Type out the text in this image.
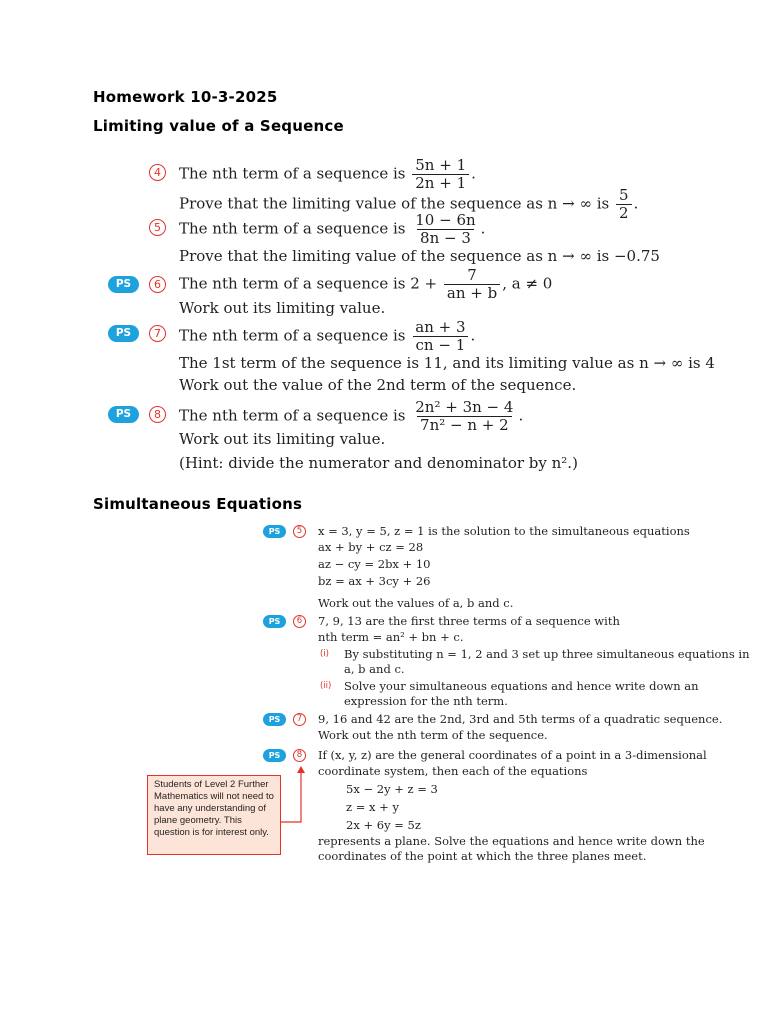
Homework 10-3-2025
Limiting value of a Sequence
Simultaneous Equations
4	The nth term of a sequence is $\frac{5n + 1}{2n + 1}$ .
Prove that the limiting value of the sequence as n → ∞ is $\frac{5}{2}$ .
5	The nth term of a sequence is $\frac{10 - 6n}{8n - 3}$ .
Prove that the limiting value of the sequence as n → ∞ is −0.75
PS	6	The nth term of a sequence is $2 + \frac{7}{an + b}$ , a ≠ 0
Work out its limiting value.
PS	7	The nth term of a sequence is $\frac{an + 3}{cn - 1}$ .
The 1st term of the sequence is 11, and its limiting value as n → ∞ is 4
Work out the value of the 2nd term of the sequence.
PS	8	The nth term of a sequence is $\frac{\text{2n² + 3n − 4}}{\text{7n² − n + 2}}$ .
Work out its limiting value.
(Hint: divide the numerator and denominator by n².)
PS	5	x = 3, y = 5, z = 1 is the solution to the simultaneous equations
ax + by + cz = 28
az − cy = 2bx + 10
bz = ax + 3cy + 26
Work out the values of a, b and c.
PS	6	7, 9, 13 are the first three terms of a sequence with
nth term = an² + bn + c.
(i) By substituting n = 1, 2 and 3 set up three simultaneous equations in
a, b and c.
(ii) Solve your simultaneous equations and hence write down an
expression for the nth term.
PS	7	9, 16 and 42 are the 2nd, 3rd and 5th terms of a quadratic sequence.
Work out the nth term of the sequence.
PS	8	If (x, y, z) are the general coordinates of a point in a 3-dimensional
coordinate system, then each of the equations
5x − 2y + z = 3
z = x + y
2x + 6y = 5z
represents a plane. Solve the equations and hence write down the
coordinates of the point at which the three planes meet.
Students of Level 2 Further Mathematics will not need to have any understanding of plane geometry. This question is for interest only.
